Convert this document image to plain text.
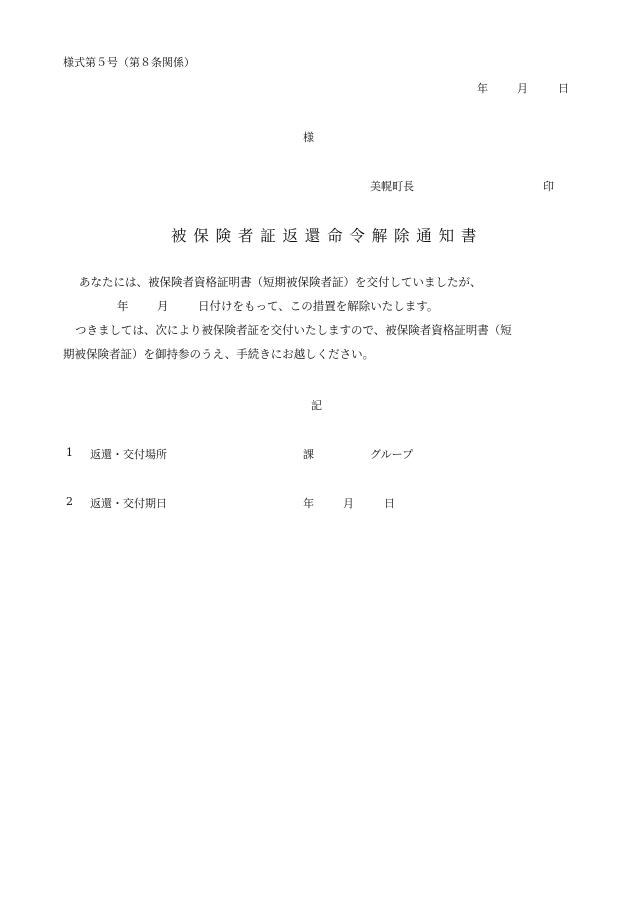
様式第５号（第８条関係）
年	月	日
様
美幌町長	印
被保険者証返還命令解除通知書
あなたには、被保険者資格証明書（短期被保険者証）を交付していましたが、
年 月	日付けをもって、この措置を解除いたします。
つきましては、次により被保険者証を交付いたしますので、被保険者資格証明書（短
期被保険者証）を御持参のうえ、手続きにお越しください。
記
1 返還・交付場所	課	グループ
2 返還・交付期日	年	月	日
